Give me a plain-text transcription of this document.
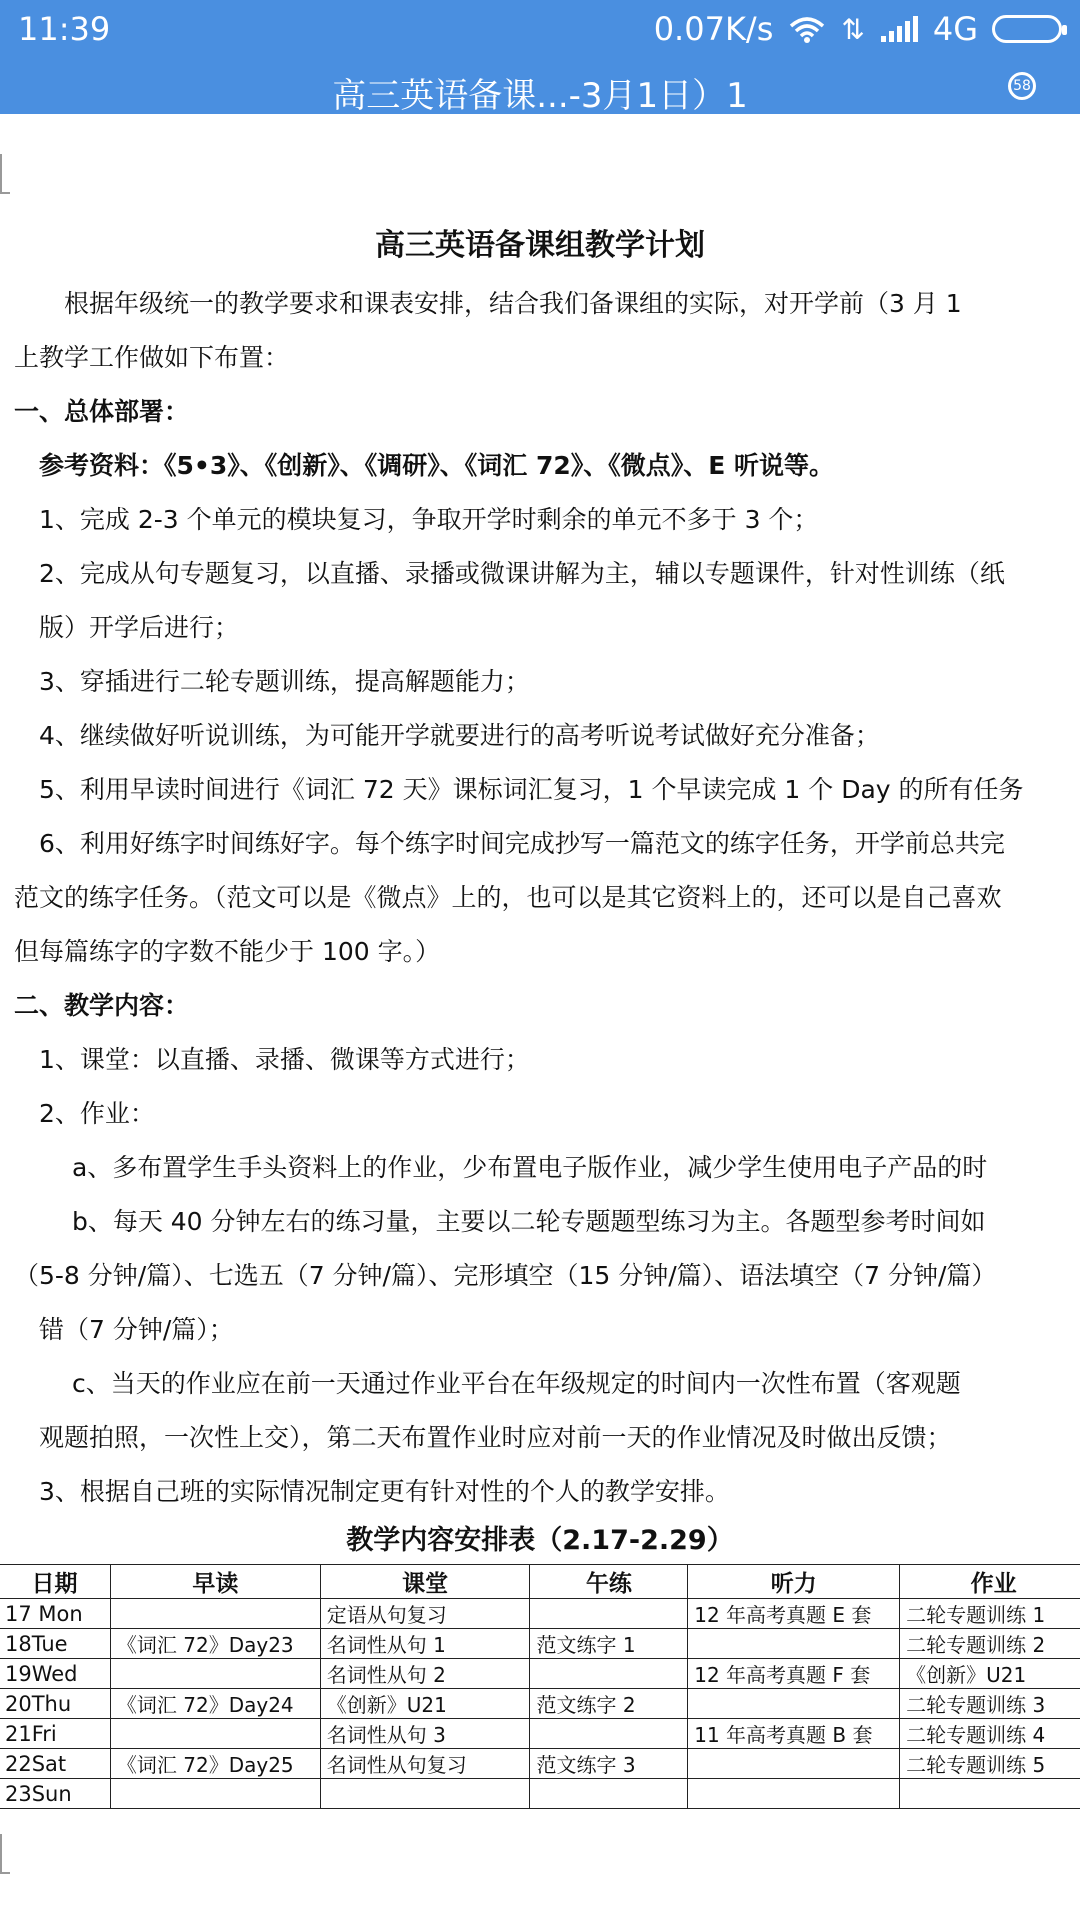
11:39	0.07K/s ⇅ 4G
高三英语备课...-3月1日）1	58
高三英语备课组教学计划
　　根据年级统一的教学要求和课表安排，结合我们备课组的实际，对开学前（3 月 1
上教学工作做如下布置：
一、总体部署：
　参考资料：《5•3》、《创新》、《调研》、《词汇 72》、《微点》、E 听说等。
　1、完成 2-3 个单元的模块复习，争取开学时剩余的单元不多于 3 个；
　2、完成从句专题复习，以直播、录播或微课讲解为主，辅以专题课件，针对性训练（纸
　版）开学后进行；
　3、穿插进行二轮专题训练，提高解题能力；
　4、继续做好听说训练，为可能开学就要进行的高考听说考试做好充分准备；
　5、利用早读时间进行《词汇 72 天》课标词汇复习，1 个早读完成 1 个 Day 的所有任务
　6、利用好练字时间练好字。每个练字时间完成抄写一篇范文的练字任务，开学前总共完
范文的练字任务。（范文可以是《微点》上的，也可以是其它资料上的，还可以是自己喜欢
但每篇练字的字数不能少于 100 字。）
二、教学内容：
　1、课堂：以直播、录播、微课等方式进行；
　2、作业：
　　 a、多布置学生手头资料上的作业，少布置电子版作业，减少学生使用电子产品的时
　　 b、每天 40 分钟左右的练习量，主要以二轮专题题型练习为主。各题型参考时间如
（5-8 分钟/篇）、七选五（7 分钟/篇）、完形填空（15 分钟/篇）、语法填空（7 分钟/篇）
　错（7 分钟/篇）；
　　 c、当天的作业应在前一天通过作业平台在年级规定的时间内一次性布置（客观题
　观题拍照，一次性上交），第二天布置作业时应对前一天的作业情况及时做出反馈；
　3、根据自己班的实际情况制定更有针对性的个人的教学安排。
教学内容安排表（2.17-2.29）
日期	早读	课堂	午练	听力	作业
17 Mon		定语从句复习		12 年高考真题 E 套	二轮专题训练 1
18Tue	《词汇 72》Day23	名词性从句 1	范文练字 1		二轮专题训练 2
19Wed		名词性从句 2		12 年高考真题 F 套	《创新》U21
20Thu	《词汇 72》Day24	《创新》U21	范文练字 2		二轮专题训练 3
21Fri		名词性从句 3		11 年高考真题 B 套	二轮专题训练 4
22Sat	《词汇 72》Day25	名词性从句复习	范文练字 3		二轮专题训练 5
23Sun					
